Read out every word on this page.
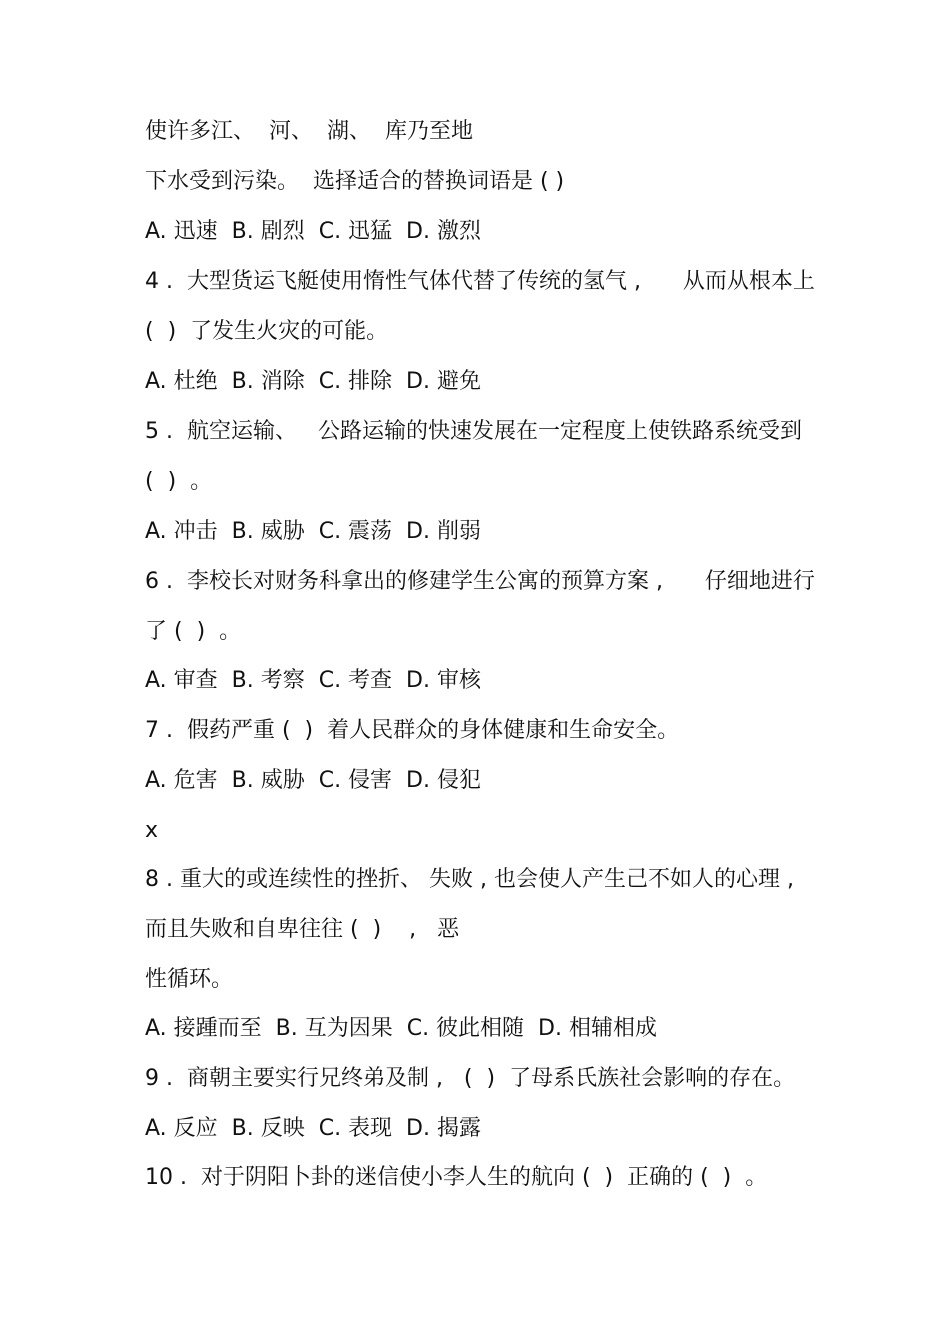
使许多江、  河、  湖、  库乃至地
下水受到污染。  选择适合的替换词语是 ( )
A. 迅速  B. 剧烈  C. 迅猛  D. 激烈
4 .  大型货运飞艇使用惰性气体代替了传统的氢气 ,      从而从根本上
(  )  了发生火灾的可能。
A. 杜绝  B. 消除  C. 排除  D. 避免
5 .  航空运输、   公路运输的快速发展在一定程度上使铁路系统受到
(  )  。
A. 冲击  B. 威胁  C. 震荡  D. 削弱
6 .  李校长对财务科拿出的修建学生公寓的预算方案 ,      仔细地进行
了 (  )  。
A. 审查  B. 考察  C. 考查  D. 审核
7 .  假药严重 (  )  着人民群众的身体健康和生命安全。
A. 危害  B. 威胁  C. 侵害  D. 侵犯
x
8 . 重大的或连续性的挫折、 失败 , 也会使人产生己不如人的心理 ,
而且失败和自卑往往 (  )    ,   恶
性循环。
A. 接踵而至  B. 互为因果  C. 彼此相随  D. 相辅相成
9 .  商朝主要实行兄终弟及制 ,   (  )  了母系氏族社会影响的存在。
A. 反应  B. 反映  C. 表现  D. 揭露
10 .  对于阴阳卜卦的迷信使小李人生的航向 (  )  正确的 (  )  。
